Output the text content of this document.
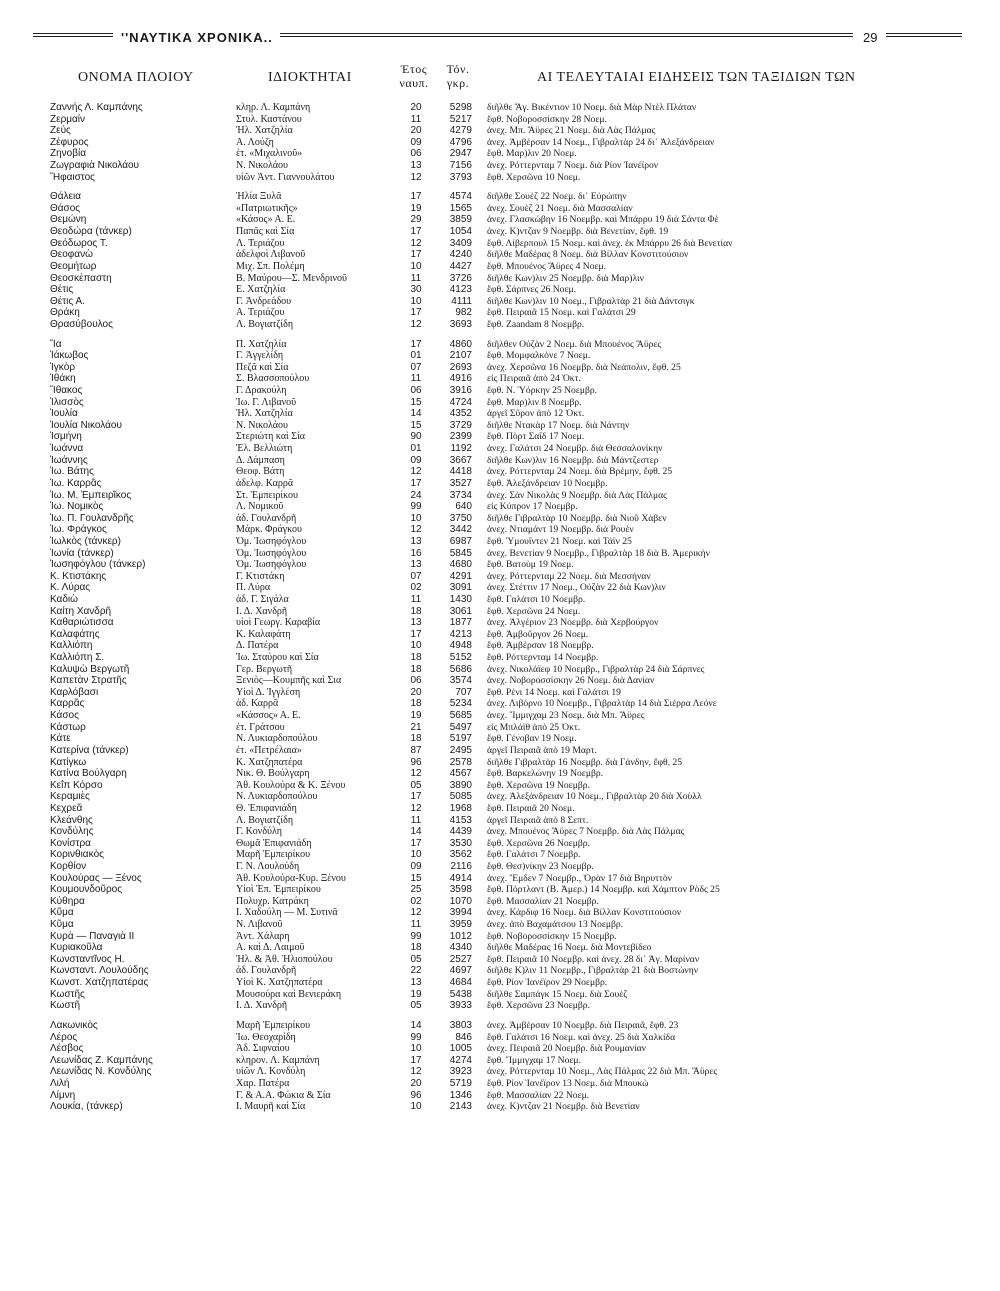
''ΝΑΥΤΙΚΑ ΧΡΟΝΙΚΑ..	29
ΟΝΟΜΑ ΠΛΟΙΟΥ	ΙΔΙΟΚΤΗΤΑΙ
Έτος ναυπ.
Τόν. γκρ.	ΑΙ ΤΕΛΕΥΤΑΙΑΙ ΕΙΔΗΣΕΙΣ ΤΩΝ ΤΑΞΙΔΙΩΝ ΤΩΝ
Ζαννής Λ. Καμπάνης	κληρ. Λ. Καμπάνη	20	5298 διῆλθε Ἅγ. Βικέντιον 10 Νοεμ. διὰ Μὰρ Ντὲλ Πλάταν
Ζερμαίν	Στυλ. Καστάνου	11	5217 ἔφθ. Νοβοροσσίσκην 28 Νοεμ.
Ζεύς	Ἠλ. Χατζηλία	20	4279 ἀνεχ. Μπ. Ἄϋρες 21 Νοεμ. διὰ Λὰς Πάλμας
Ζέφυρος	Α. Λούζη	09	4796 ἀνεχ. Ἀμβέρσαν 14 Νοεμ., Γιβραλτὰρ 24 δι᾽ Ἀλεξάνδρειαν
Ζηνοβία	ἑτ. «Μιχαλινοῦ»	06	2947 ἔφθ. Μαρ)λιν 20 Νοεμ.
Ζωγραφιὰ Νικολάου	Ν. Νικολάου	13	7156 ἀνεχ. Ρόττερνταμ 7 Νοεμ. διὰ Ρίον Ἰανέϊρον
Ἥφαιστος	υἱῶν Ἀντ. Γιαννουλάτου	12	3793 ἔφθ. Χερσῶνα 10 Νοεμ.
Θάλεια	Ἠλία Ξυλᾶ	17	4574 διῆλθε Σουὲζ 22 Νοεμ. δι᾽ Εὐρώπην
Θάσος	«Πατριωτικῆς»	19	1565 ἀνεχ. Σουὲζ 21 Νοεμ. διὰ Μασσαλίαν
Θεμώνη	«Κάσος» Α. Ε.	29	3859 ἀνεχ. Γλασκώβην 16 Νοεμβρ. καὶ Μπάρρυ 19 διὰ Σάντα Φὲ
Θεοδώρα (τάνκερ)	Παπᾶς καὶ Σία	17	1054 ἀνεχ. Κ)ντζαν 9 Νοεμβρ. διὰ Βενετίαν, ἔφθ. 19
Θεόδωρος Τ.	Λ. Τεριάζου	12	3409 ἔφθ. Λίβερπουλ 15 Νοεμ. καὶ ἀνεχ. ἐκ Μπάρρυ 26 διὰ Βενετίαν
Θεοφανὼ	ἀδελφοὶ Λιβανοῦ	17	4240 διῆλθε Μαδέρας 8 Νοεμ. διὰ Βίλλαν Κονστιτούσιον
Θεομήτωρ	Μιχ. Σπ. Πολέμη	10	4427 ἔφθ. Μπουένος Ἄϋρες 4 Νοεμ.
Θεοσκέπαστη	Β. Μαύρου—Σ. Μενδρινοῦ	11	3726 διῆλθε Κων)λιν 25 Νοεμβρ. διὰ Μαρ)λιν
Θέτις	Ε. Χατζηλία	30	4123 ἔφθ. Σάρπνες 26 Νοεμ.
Θέτις Α.	Γ. Ἀνδρεάδου	10	4111 διῆλθε Κων)λιν 10 Νοεμ., Γιβραλτὰρ 21 διὰ Δάντσιγκ
Θράκη	Α. Τεριάζου	17	982 ἔφθ. Πειραιᾶ 15 Νοεμ. καὶ Γαλάτσι 29
Θρασύβουλος	Λ. Βογιατζίδη	12	3693 ἔφθ. Zaandam 8 Νοεμβρ.
Ἴα	Π. Χατζηλία	17	4860 διῆλθεν Οὐζὰν 2 Νοεμ. διὰ Μπουένος Ἄϋρες
Ἰάκωβος	Γ. Ἀγγελίδη	01	2107 ἔφθ. Μομφαλκόνε 7 Νοεμ.
Ἰγκὸρ	Πεζᾶ καὶ Σία	07	2693 ἀνεχ. Χερσῶνα 16 Νοεμβρ. διὰ Νεάπολιν, ἔφθ. 25
Ἰθάκη	Σ. Βλασσοπούλου	11	4916 εἰς Πειραιᾶ ἀπὸ 24 Ὀκτ.
Ἴθακος	Γ. Δρακούλη	06	3916 ἔφθ. Ν. Ὑόρκην 25 Νοεμβρ.
Ἰλισσὸς	Ἰω. Γ. Λιβανοῦ	15	4724 ἔφθ. Μαρ)λιν 8 Νοεμβρ.
Ἰουλία	Ἠλ. Χατζηλία	14	4352 ἀργεῖ Σῦρον ἀπὸ 12 Ὀκτ.
Ἰουλία Νικολάου	Ν. Νικολάου	15	3729 διῆλθε Ντακὰρ 17 Νοεμ. διὰ Νάντην
Ἰσμήνη	Στεριώτη καὶ Σία	90	2399 ἔφθ. Πὸρτ Σαΐδ 17 Νοεμ.
Ἰωάννα	Ἐλ. Βελλιώτη	01	1192 ἀνεχ. Γαλάτσι 24 Νοεμβρ. διὰ Θεσσαλονίκην
Ἰωάννης	Δ. Δάμπαση	09	3667 διῆλθε Κων)λιν 16 Νοεμβρ. διὰ Μάντζεστερ
Ἰω. Βάτης	Θεοφ. Βάτη	12	4418 ἀνεχ. Ρόττερνταμ 24 Νοεμ. διὰ Βρέμην, ἔφθ. 25
Ἰω. Καρρᾶς	ἀδελφ. Καρρᾶ	17	3527 ἔφθ. Ἀλεξάνδρειαν 10 Νοεμβρ.
Ἰω. Μ. Ἐμπειρῖκος	Στ. Ἐμπειρίκου	24	3734 ἀνεχ. Σὰν Νικολὰς 9 Νοεμβρ. διὰ Λὰς Πάλμας
Ἰω. Νομικὸς	Λ. Νομικοῦ	99	640 εἰς Κύπρον 17 Νοεμβρ.
Ἰω. Π. Γουλανδρῆς	ἀδ. Γουλανδρῆ	10	3750 διῆλθε Γιβραλτὰρ 10 Νοεμβρ. διὰ Νιοῦ Χάβεν
Ἰω. Φράγκος	Μάρκ. Φράγκου	12	3442 ἀνεχ. Ντιαμάντ 19 Νοεμβρ. διὰ Ρουὲν
Ἰωλκὸς (τάνκερ)	Ὁμ. Ἰωσηφόγλου	13	6987 ἔφθ. Ὑμουΐντεν 21 Νοεμ. καὶ Τάϊν 25
Ἰωνία (τάνκερ)	Ὁμ. Ἰωσηφόγλου	16	5845 ἀνεχ. Βενετίαν 9 Νοεμβρ., Γιβραλτὰρ 18 διὰ Β. Ἀμερικὴν
Ἰωσηφόγλου (τάνκερ)	Ὁμ. Ἰωσηφόγλου	13	4680 ἔφθ. Βατοὺμ 19 Νοεμ.
Κ. Κτιστάκης	Γ. Κτιστάκη	07	4291 ἀνεχ. Ρόττερνταμ 22 Νοεμ. διὰ Μεσσήναν
Κ. Λύρας	Π. Λύρα	02	3091 ἀνεχ. Στέττιν 17 Νοεμ., Οὐζὰν 22 διὰ Κων)λιν
Καδιὼ	ἀδ. Γ. Σιγάλα	11	1430 ἔφθ. Γαλάτσι 10 Νοεμβρ.
Καίτη Χανδρῆ	Ι. Δ. Χανδρῆ	18	3061 ἔφθ. Χερσῶνα 24 Νοεμ.
Καθαριώτισσα	υἱοὶ Γεωργ. Καραβία	13	1877 ἀνεχ. Ἀλγέριον 23 Νοεμβρ. διὰ Χερβούργον
Καλαφάτης	Κ. Καλαφάτη	17	4213 ἔφθ. Ἀμβοῦργον 26 Νοεμ.
Καλλιόπη	Δ. Πατέρα	10	4948 ἔφθ. Ἀμβέρσαν 18 Νοεμβρ.
Καλλιόπη Σ.	Ἰω. Σταύρου καὶ Σία	18	5152 ἔφθ. Ρόττερνταμ 14 Νοεμβρ.
Καλυψὼ Βεργωτῆ	Γερ. Βεργωτῆ	18	5686 ἀνεχ. Νικολάϊεφ 10 Νοεμβρ., Γιβραλτὰρ 24 διὰ Σάρπνες
Καπετὰν Στρατῆς	Ξενιὸς—Κουμπῆς καὶ Σια	06	3574 ἀνεχ. Νοβοροσσίσκην 26 Νοεμ. διὰ Δανίαν
Καρλόβασι	Υἱοὶ Δ. Ἰγγλέση	20	707 ἔφθ. Ρένι 14 Νοεμ. καὶ Γαλάτσι 19
Καρρᾶς	ἀδ. Καρρᾶ	18	5234 ἀνεχ. Λιβόρνο 10 Νοεμβρ., Γιβραλτὰρ 14 διὰ Σιέρρα Λεόνε
Κάσος	«Κάσσος» Α. Ε.	19	5685 ἀνεχ. Ἴμμιγχαμ 23 Νοεμ. διὰ Μπ. Ἄϋρες
Κάστωρ	ἑτ. Γράτσου	21	5497 εἰς Μπλάϊθ ἀπὸ 25 Ὀκτ.
Κάτε	Ν. Λυκιαρδοπούλου	18	5197 ἔφθ. Γένοβαν 19 Νοεμ.
Κατερίνα (τάνκερ)	ἑτ. «Πετρέλαια»	87	2495 ἀργεῖ Πειραιᾶ ἀπὸ 19 Μαρτ.
Κατίγκω	Κ. Χατζηπατέρα	96	2578 διῆλθε Γιβραλτὰρ 16 Νοεμβρ. διὰ Γάνδην, ἔφθ. 25
Κατίνα Βούλγαρη	Νικ. Θ. Βούλγαρη	12	4567 ἔφθ. Βαρκελώνην 19 Νοεμβρ.
Κεΐπ Κόρσο	Ἀθ. Κουλούρα & Κ. Ξένου	05	3890 ἔφθ. Χερσῶνα 19 Νοεμβρ.
Κεραμιὲς	Ν. Λυκιαρδοπούλου	17	5085 ἀνεχ. Ἀλεξάνδρειαν 10 Νοεμ., Γιβραλτὰρ 20 διὰ Χοὺλλ
Κεχρεᾶ	Θ. Ἐπιφανιάδη	12	1968 ἔφθ. Πειραιᾶ 20 Νοεμ.
Κλεάνθης	Λ. Βογιατζίδη	11	4153 ἀργεῖ Πειραιᾶ ἀπὸ 8 Σεπτ.
Κονδύλης	Γ. Κονδύλη	14	4439 ἀνεχ. Μπουένος Ἄϋρες 7 Νοεμβρ. διὰ Λὰς Πάλμας
Κονίστρα	Θωμᾶ Ἐπιφανιάδη	17	3530 ἔφθ. Χερσῶνα 26 Νοεμβρ.
Κορινθιακὸς	Μαρῆ Ἐμπειρίκου	10	3562 ἔφθ. Γαλάτσι 7 Νοεμβρ.
Κορθίον	Γ. Ν. Λουλούδη	09	2116 ἔφθ. Θεσ)νίκην 23 Νοεμβρ.
Κουλούρας — Ξένος	Ἀθ. Κουλούρα-Κυρ. Ξένου	15	4914 ἀνεχ. Ἔμδεν 7 Νοεμβρ., Ὀρὰν 17 διὰ Βηρυττὸν
Κουμουνδοῦρος	Υἱοὶ Ἐπ. Ἐμπειρίκου	25	3598 ἔφθ. Πόρτλαντ (Β. Ἀμερ.) 14 Νοεμβρ. καὶ Χάμπτον Ρὸδς 25
Κύθηρα	Πολυχρ. Κατράκη	02	1070 ἔφθ. Μασσαλίαν 21 Νοεμβρ.
Κῦμα	Ι. Χαδούλη — Μ. Συτινᾶ	12	3994 ἀνεχ. Κάρδιφ 16 Νοεμ. διὰ Βίλλαν Κονστιτούσιον
Κῦμα	Ν. Λιβανοῦ	11	3959 ἀνεχ. ἀπὸ Βαχαμάτσου 13 Νοεμβρ.
Κυρὰ — Παναγιὰ ΙΙ	Ἀντ. Χάλαρη	99	1012 ἔφθ. Νοβοροσσίσκην 15 Νοεμβρ.
Κυριακοῦλα	Α. καὶ Δ. Λαιμοῦ	18	4340 διῆλθε Μαδέρας 16 Νοεμ. διὰ Μοντεβίδεο
Κωνσταντῖνος Η.	Ἠλ. & Ἀθ. Ἠλιοπούλου	05	2527 ἔφθ. Πειραιᾶ 10 Νοεμβρ. καὶ ἀνεχ. 28 δι᾽ Ἁγ. Μαρίναν
Κωνσταντ. Λουλούδης	ἀδ. Γουλανδρῆ	22	4697 διῆλθε Κ)λιν 11 Νοεμβρ., Γιβραλτὰρ 21 διὰ Βοστώνην
Κωνστ. Χατζηπατέρας	Υἱοὶ Κ. Χατζηπατέρα	13	4684 ἔφθ. Ρίον Ἰανέϊρον 29 Νοεμβρ.
Κωστῆς	Μουσούρα καὶ Βενιεράκη	19	5438 διῆλθε Σαμπάγκ 15 Νοεμ. διὰ Σουὲζ
Κωστῆ	Ι. Δ. Χανδρῆ	05	3933 ἔφθ. Χερσῶνα 23 Νοεμβρ.
Λακωνικὸς	Μαρῆ Ἐμπειρίκου	14	3803 ἀνεχ. Ἀμβέρσαν 10 Νοεμβρ. διὰ Πειραιᾶ, ἔφθ. 23
Λέρος	Ἰω. Θεοχαρίδη	99	846 ἔφθ. Γαλάτσι 16 Νοεμ. καὶ ἀνεχ. 25 διὰ Χαλκίδα
Λέσβος	Ἀδ. Σιφναίου	10	1005 ἀνεχ. Πειραιᾶ 20 Νοεμβρ. διὰ Ρουμανίαν
Λεωνίδας Ζ. Καμπάνης	κληρον. Λ. Καμπάνη	17	4274 ἔφθ. Ἴμμιγχαμ 17 Νοεμ.
Λεωνίδας Ν. Κονδύλης	υἱῶν Λ. Κονδύλη	12	3923 ἀνεχ. Ρόττερνταμ 10 Νοεμ., Λὰς Πάλμας 22 διὰ Μπ. Ἄϋρες
Λιλή	Χαρ. Πατέρα	20	5719 ἔφθ. Ρίον Ἰανέϊρον 13 Νοεμ. διὰ Μπουκὼ
Λίμνη	Γ. & Α.Α. Φώκια & Σία	96	1346 ἔφθ. Μασσαλίαν 22 Νοεμ.
Λουκία, (τάνκερ)	Ι. Μαυρῆ καὶ Σία	10	2143 ἀνεχ. Κ)ντζαν 21 Νοεμβρ. διὰ Βενετίαν
